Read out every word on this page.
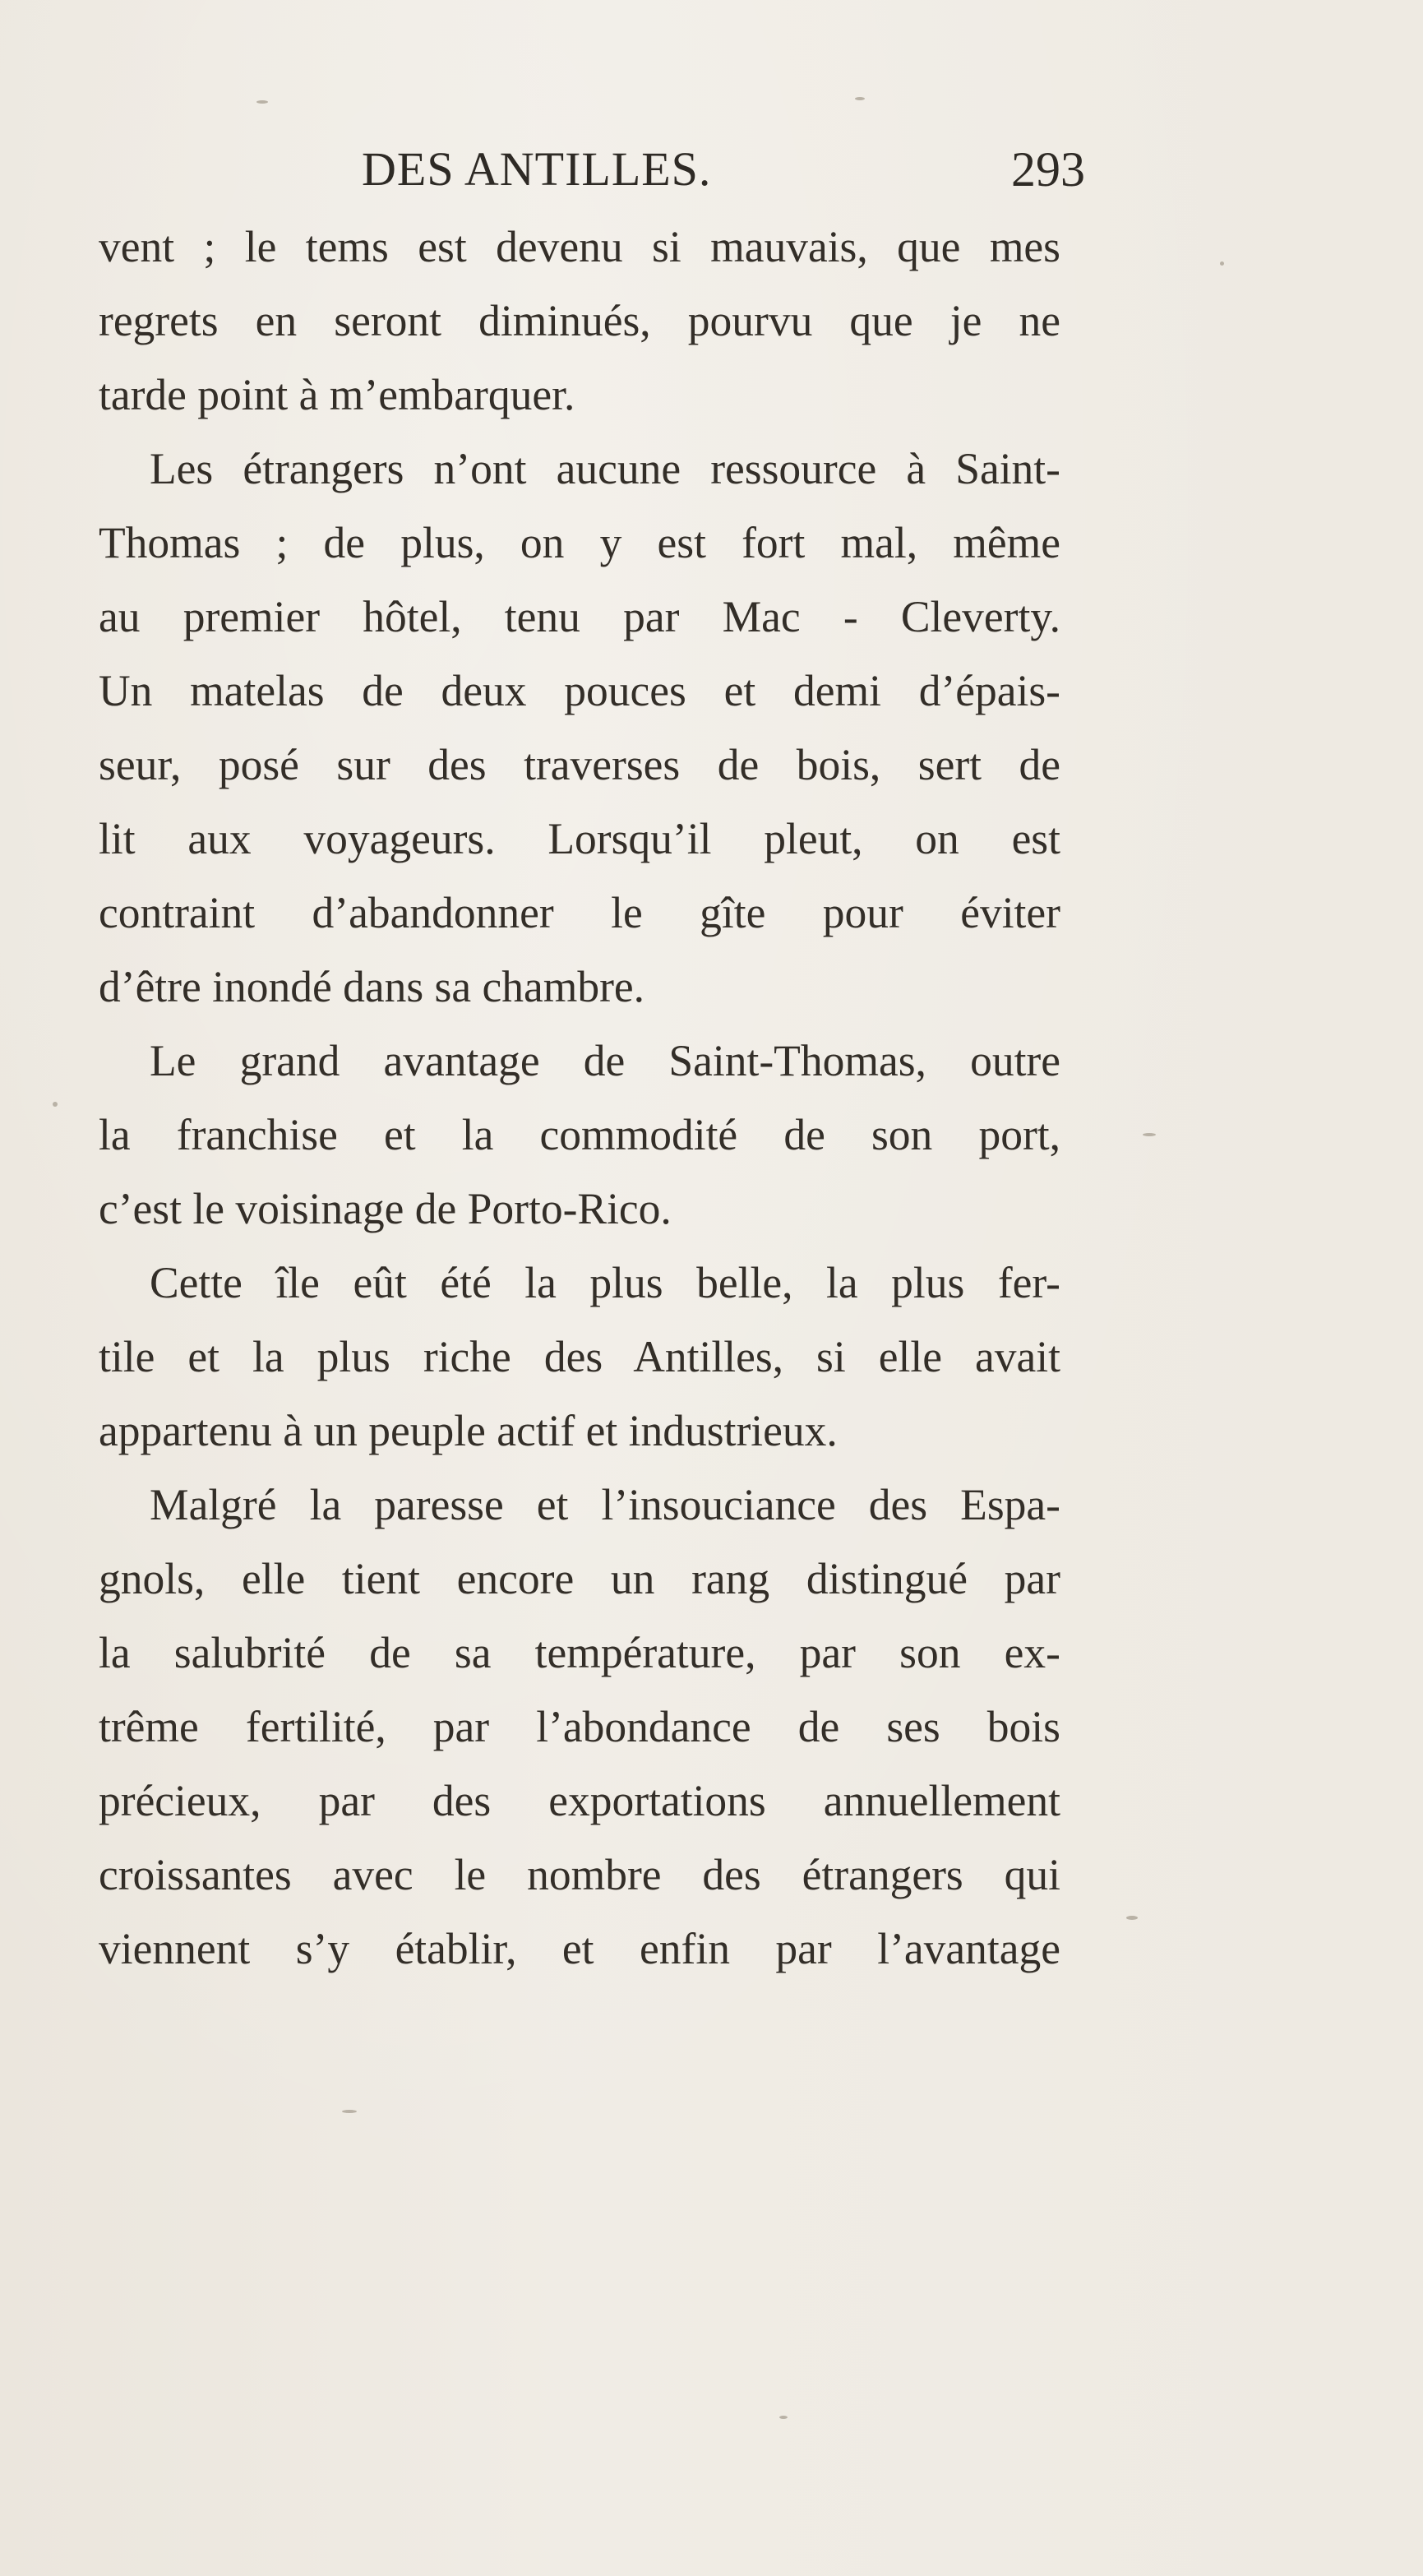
DES ANTILLES.	293

vent ; le tems est devenu si mauvais, que mes
regrets en seront diminués, pourvu que je ne
tarde point à m’embarquer.

Les étrangers n’ont aucune ressource à Saint-
Thomas ; de plus, on y est fort mal, même
au premier hôtel, tenu par Mac - Cleverty.
Un matelas de deux pouces et demi d’épais-
seur, posé sur des traverses de bois, sert de
lit aux voyageurs. Lorsqu’il pleut, on est
contraint d’abandonner le gîte pour éviter
d’être inondé dans sa chambre.

Le grand avantage de Saint-Thomas, outre
la franchise et la commodité de son port,
c’est le voisinage de Porto-Rico.

Cette île eût été la plus belle, la plus fer-
tile et la plus riche des Antilles, si elle avait
appartenu à un peuple actif et industrieux.

Malgré la paresse et l’insouciance des Espa-
gnols, elle tient encore un rang distingué par
la salubrité de sa température, par son ex-
trême fertilité, par l’abondance de ses bois
précieux, par des exportations annuellement
croissantes avec le nombre des étrangers qui
viennent s’y établir, et enfin par l’avantage
